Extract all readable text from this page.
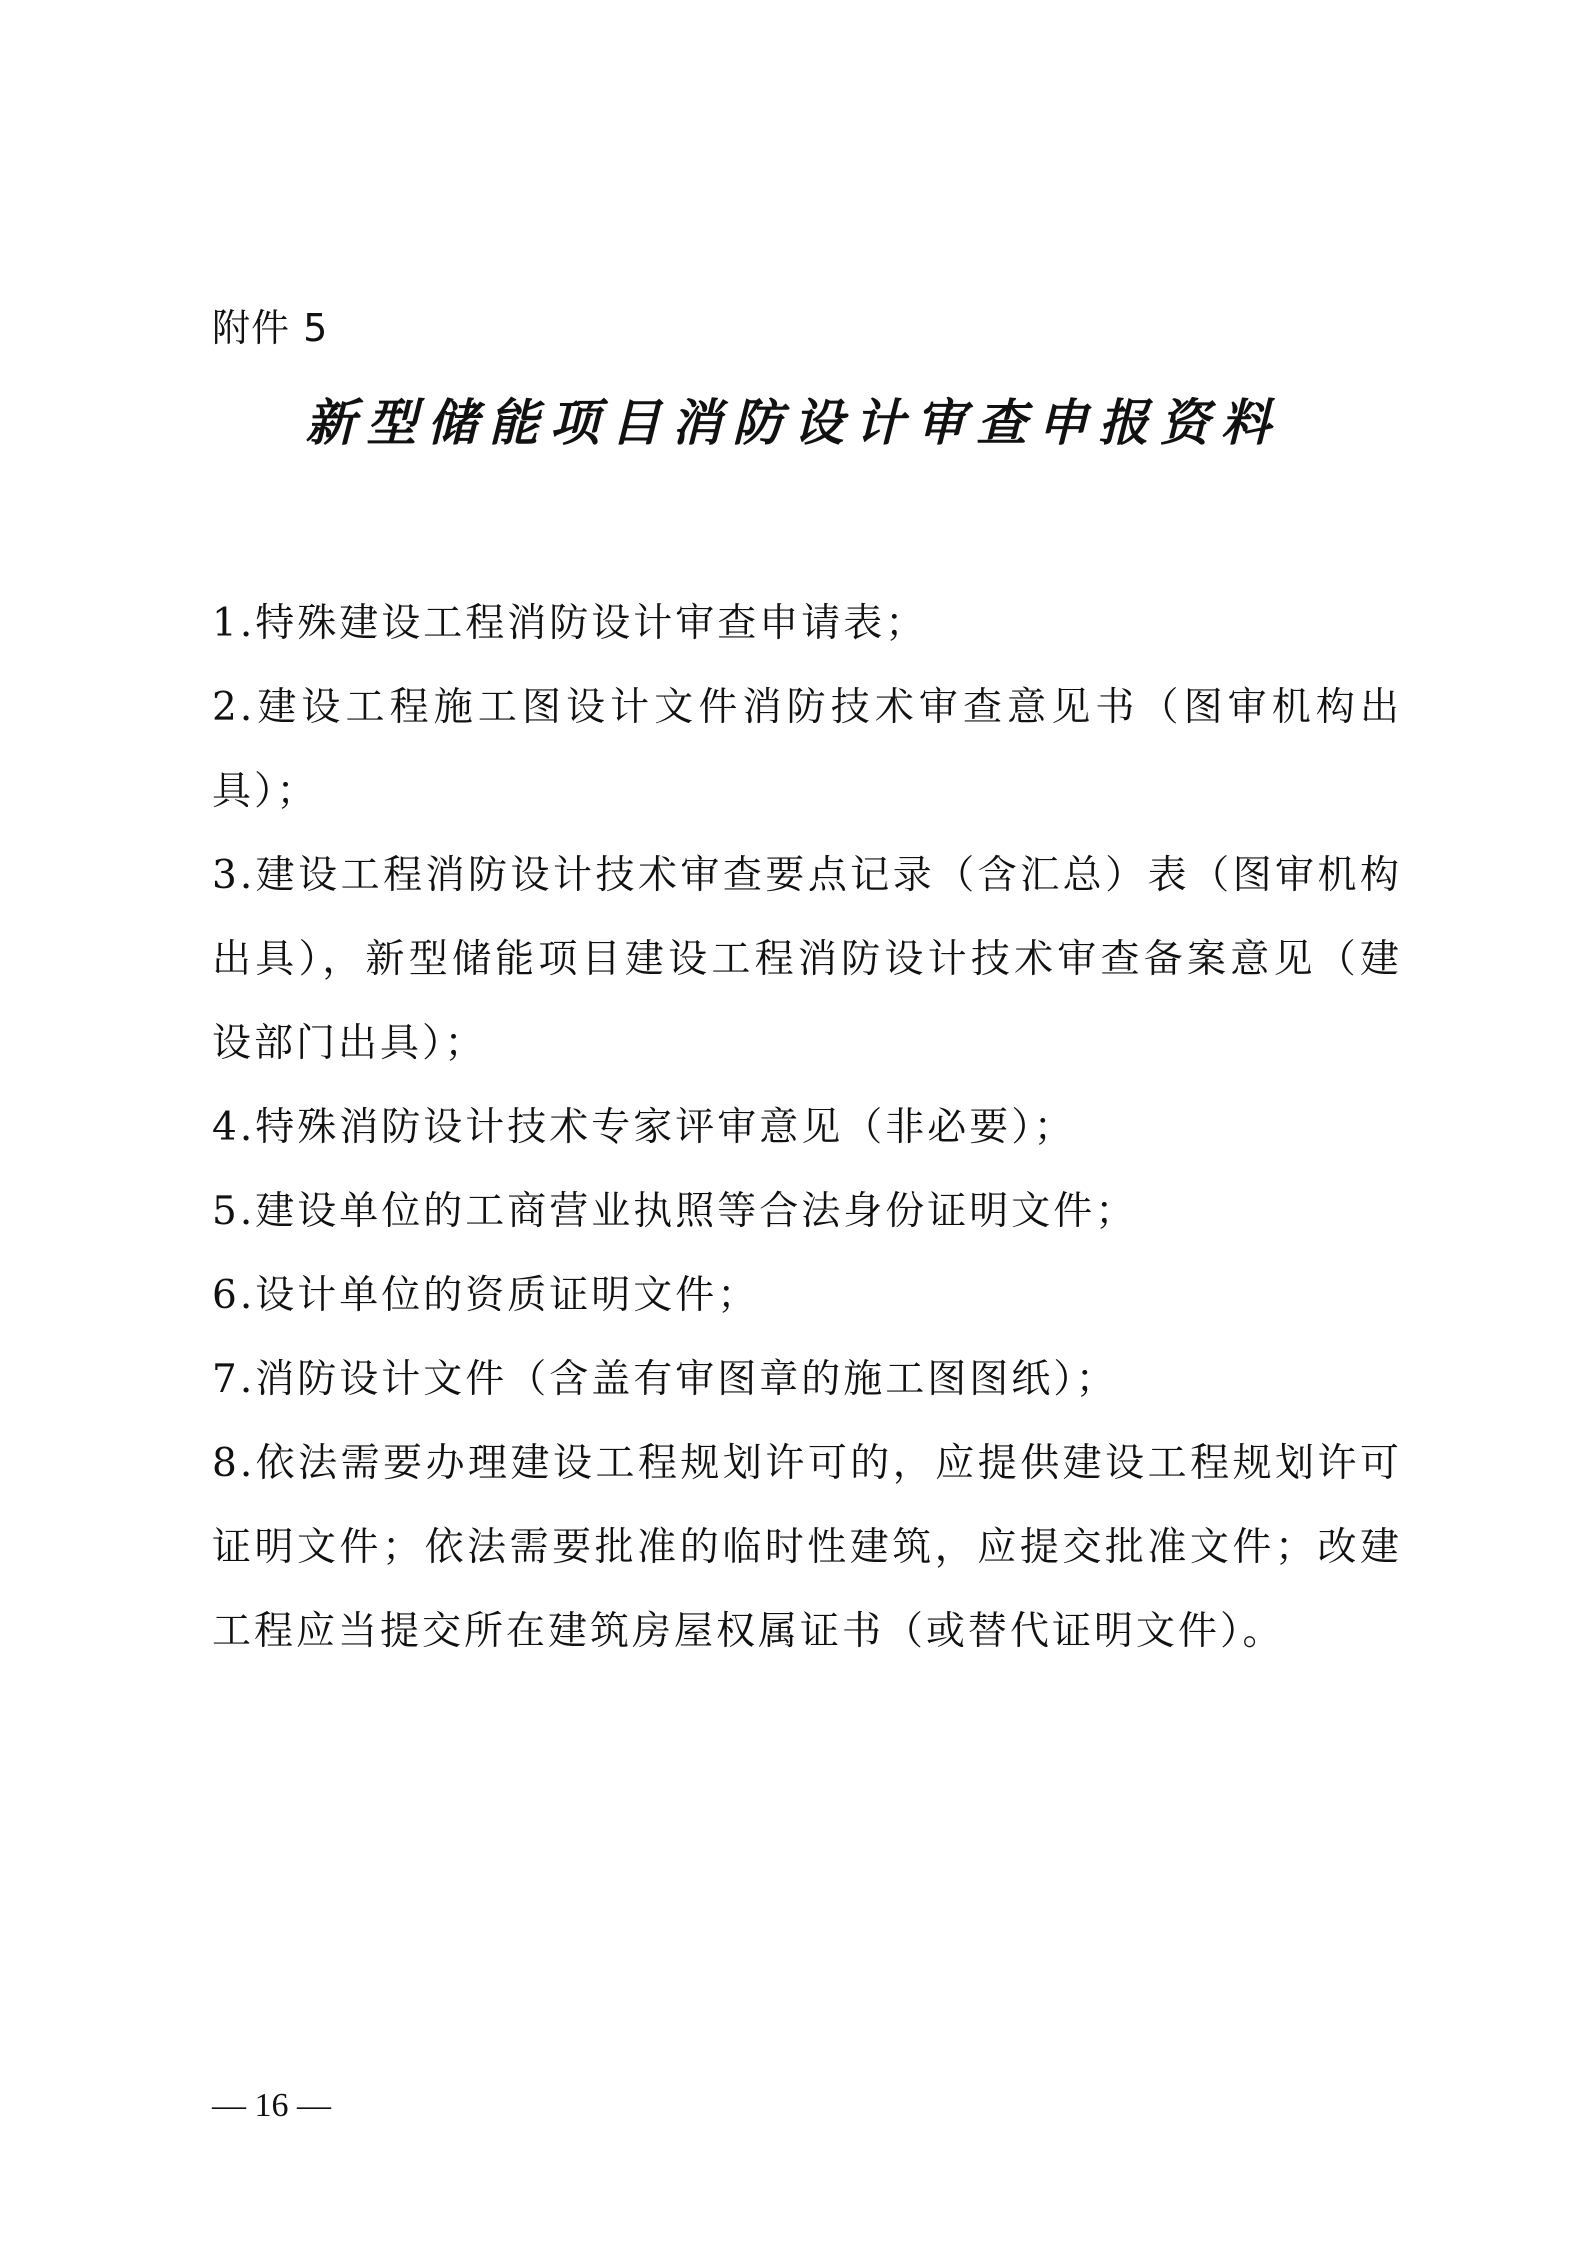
附件 5
新型储能项目消防设计审查申报资料
1.特殊建设工程消防设计审查申请表；
2.建设工程施工图设计文件消防技术审查意见书（图审机构出具）；
3.建设工程消防设计技术审查要点记录（含汇总）表（图审机构出具），新型储能项目建设工程消防设计技术审查备案意见（建设部门出具）；
4.特殊消防设计技术专家评审意见（非必要）；
5.建设单位的工商营业执照等合法身份证明文件；
6.设计单位的资质证明文件；
7.消防设计文件（含盖有审图章的施工图图纸）；
8.依法需要办理建设工程规划许可的，应提供建设工程规划许可证明文件；依法需要批准的临时性建筑，应提交批准文件；改建工程应当提交所在建筑房屋权属证书（或替代证明文件）。
— 16 —
